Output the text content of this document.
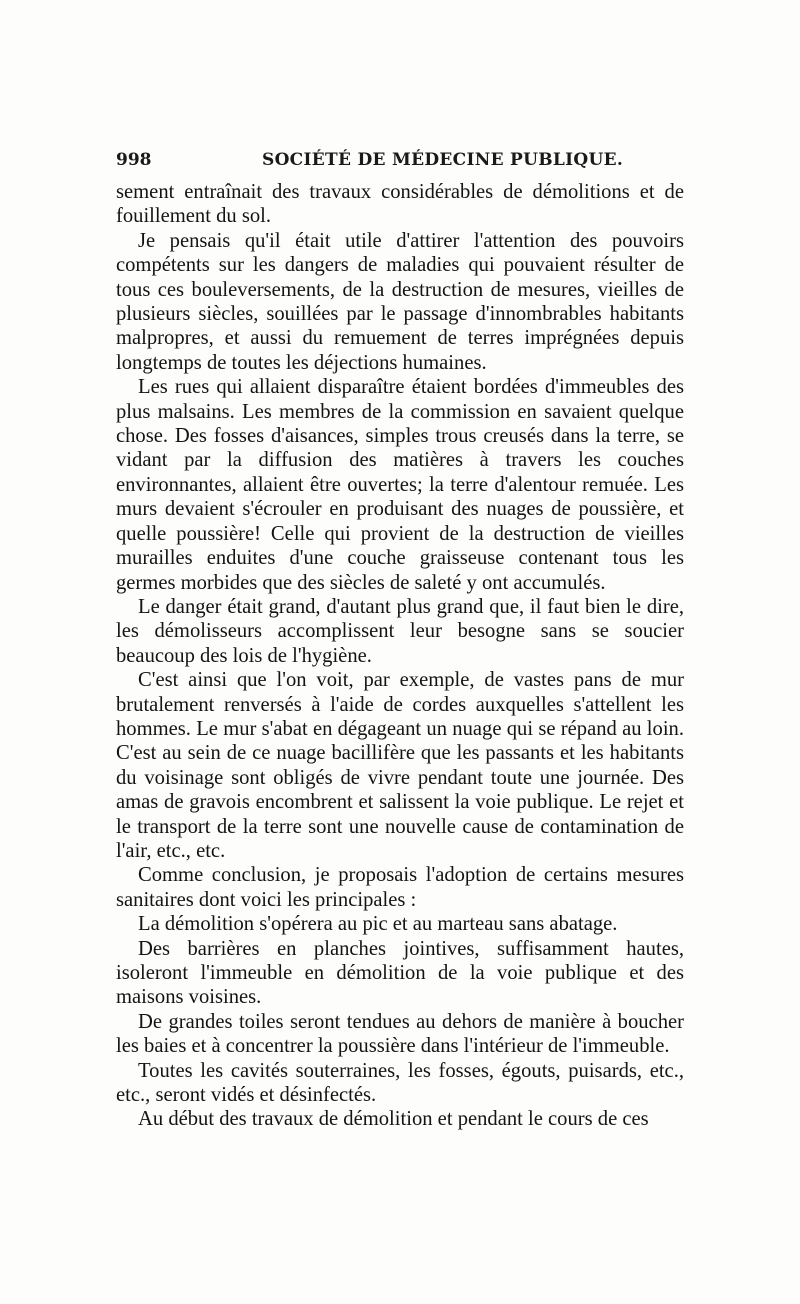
998	SOCIÉTÉ DE MÉDECINE PUBLIQUE.

sement entraînait des travaux considérables de démolitions et de fouillement du sol.

Je pensais qu'il était utile d'attirer l'attention des pouvoirs compétents sur les dangers de maladies qui pouvaient résulter de tous ces bouleversements, de la destruction de mesures, vieilles de plusieurs siècles, souillées par le passage d'innombrables habitants malpropres, et aussi du remuement de terres imprégnées depuis longtemps de toutes les déjections humaines.

Les rues qui allaient disparaître étaient bordées d'immeubles des plus malsains. Les membres de la commission en savaient quelque chose. Des fosses d'aisances, simples trous creusés dans la terre, se vidant par la diffusion des matières à travers les couches environnantes, allaient être ouvertes; la terre d'alentour remuée. Les murs devaient s'écrouler en produisant des nuages de poussière, et quelle poussière! Celle qui provient de la destruction de vieilles murailles enduites d'une couche graisseuse contenant tous les germes morbides que des siècles de saleté y ont accumulés.

Le danger était grand, d'autant plus grand que, il faut bien le dire, les démolisseurs accomplissent leur besogne sans se soucier beaucoup des lois de l'hygiène.

C'est ainsi que l'on voit, par exemple, de vastes pans de mur brutalement renversés à l'aide de cordes auxquelles s'attellent les hommes. Le mur s'abat en dégageant un nuage qui se répand au loin. C'est au sein de ce nuage bacillifère que les passants et les habitants du voisinage sont obligés de vivre pendant toute une journée. Des amas de gravois encombrent et salissent la voie publique. Le rejet et le transport de la terre sont une nouvelle cause de contamination de l'air, etc., etc.

Comme conclusion, je proposais l'adoption de certains mesures sanitaires dont voici les principales :

La démolition s'opérera au pic et au marteau sans abatage.

Des barrières en planches jointives, suffisamment hautes, isoleront l'immeuble en démolition de la voie publique et des maisons voisines.

De grandes toiles seront tendues au dehors de manière à boucher les baies et à concentrer la poussière dans l'intérieur de l'immeuble.

Toutes les cavités souterraines, les fosses, égouts, puisards, etc., etc., seront vidés et désinfectés.

Au début des travaux de démolition et pendant le cours de ces
